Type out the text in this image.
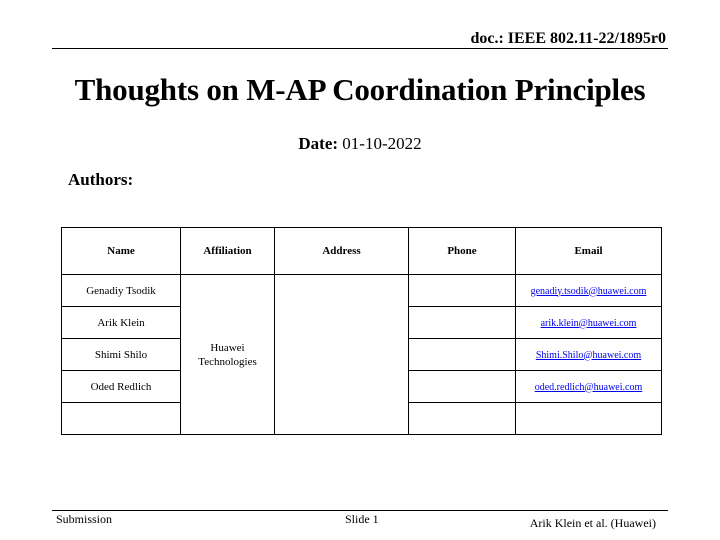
doc.: IEEE 802.11-22/1895r0
Thoughts on M-AP Coordination Principles
Date: 01-10-2022
Authors:
Name	Affiliation	Address	Phone	Email
Genadiy Tsodik	Huawei Technologies			genadiy.tsodik@huawei.com
Arik Klein				arik.klein@huawei.com
Shimi Shilo				Shimi.Shilo@huawei.com
Oded Redlich				oded.redlich@huawei.com

Submission	Slide 1	Arik Klein et al. (Huawei)
